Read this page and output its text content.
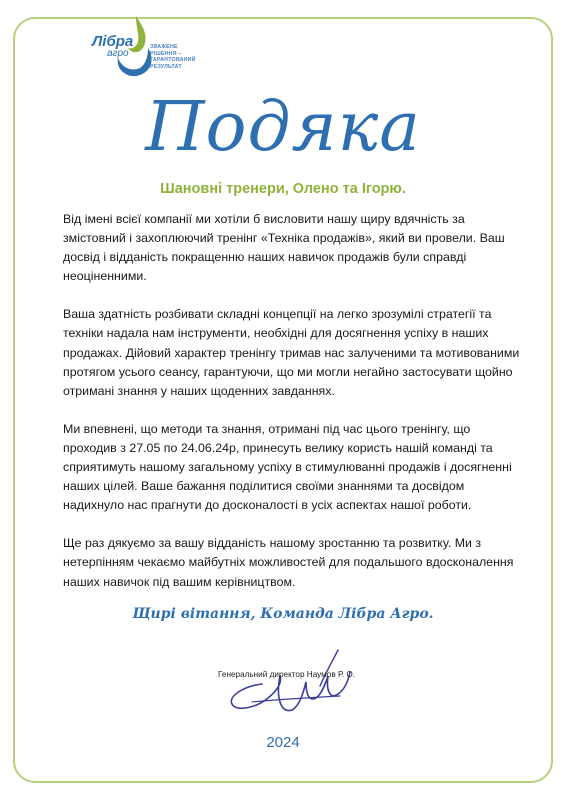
Лібра
агро
ЗВАЖЕНЕ
РІШЕННЯ –
ГАРАНТОВАНИЙ
РЕЗУЛЬТАТ
Подяка
Шановні тренери, Олено та Ігорю.

Від імені всієї компанії ми хотіли б висловити нашу щиру вдячність за змістовний і захоплюючий тренінг «Техніка продажів», який ви провели. Ваш досвід і відданість покращенню наших навичок продажів були справді неоціненними.

Ваша здатність розбивати складні концепції на легко зрозумілі стратегії та техніки надала нам інструменти, необхідні для досягнення успіху в наших продажах. Дійовий характер тренінгу тримав нас залученими та мотивованими протягом усього сеансу, гарантуючи, що ми могли негайно застосувати щойно отримані знання у наших щоденних завданнях.

Ми впевнені, що методи та знання, отримані під час цього тренінгу, що проходив з 27.05 по 24.06.24р, принесуть велику користь нашій команді та сприятимуть нашому загальному успіху в стимулюванні продажів і досягненні наших цілей. Ваше бажання поділитися своїми знаннями та досвідом надихнуло нас прагнути до досконалості в усіх аспектах нашої роботи.

Ще раз дякуємо за вашу відданість нашому зростанню та розвитку. Ми з нетерпінням чекаємо майбутніх можливостей для подальшого вдосконалення наших навичок під вашим керівництвом.

Щирі вітання, Команда Лібра Агро.
Генеральний директор Наумов Р. О.
2024
